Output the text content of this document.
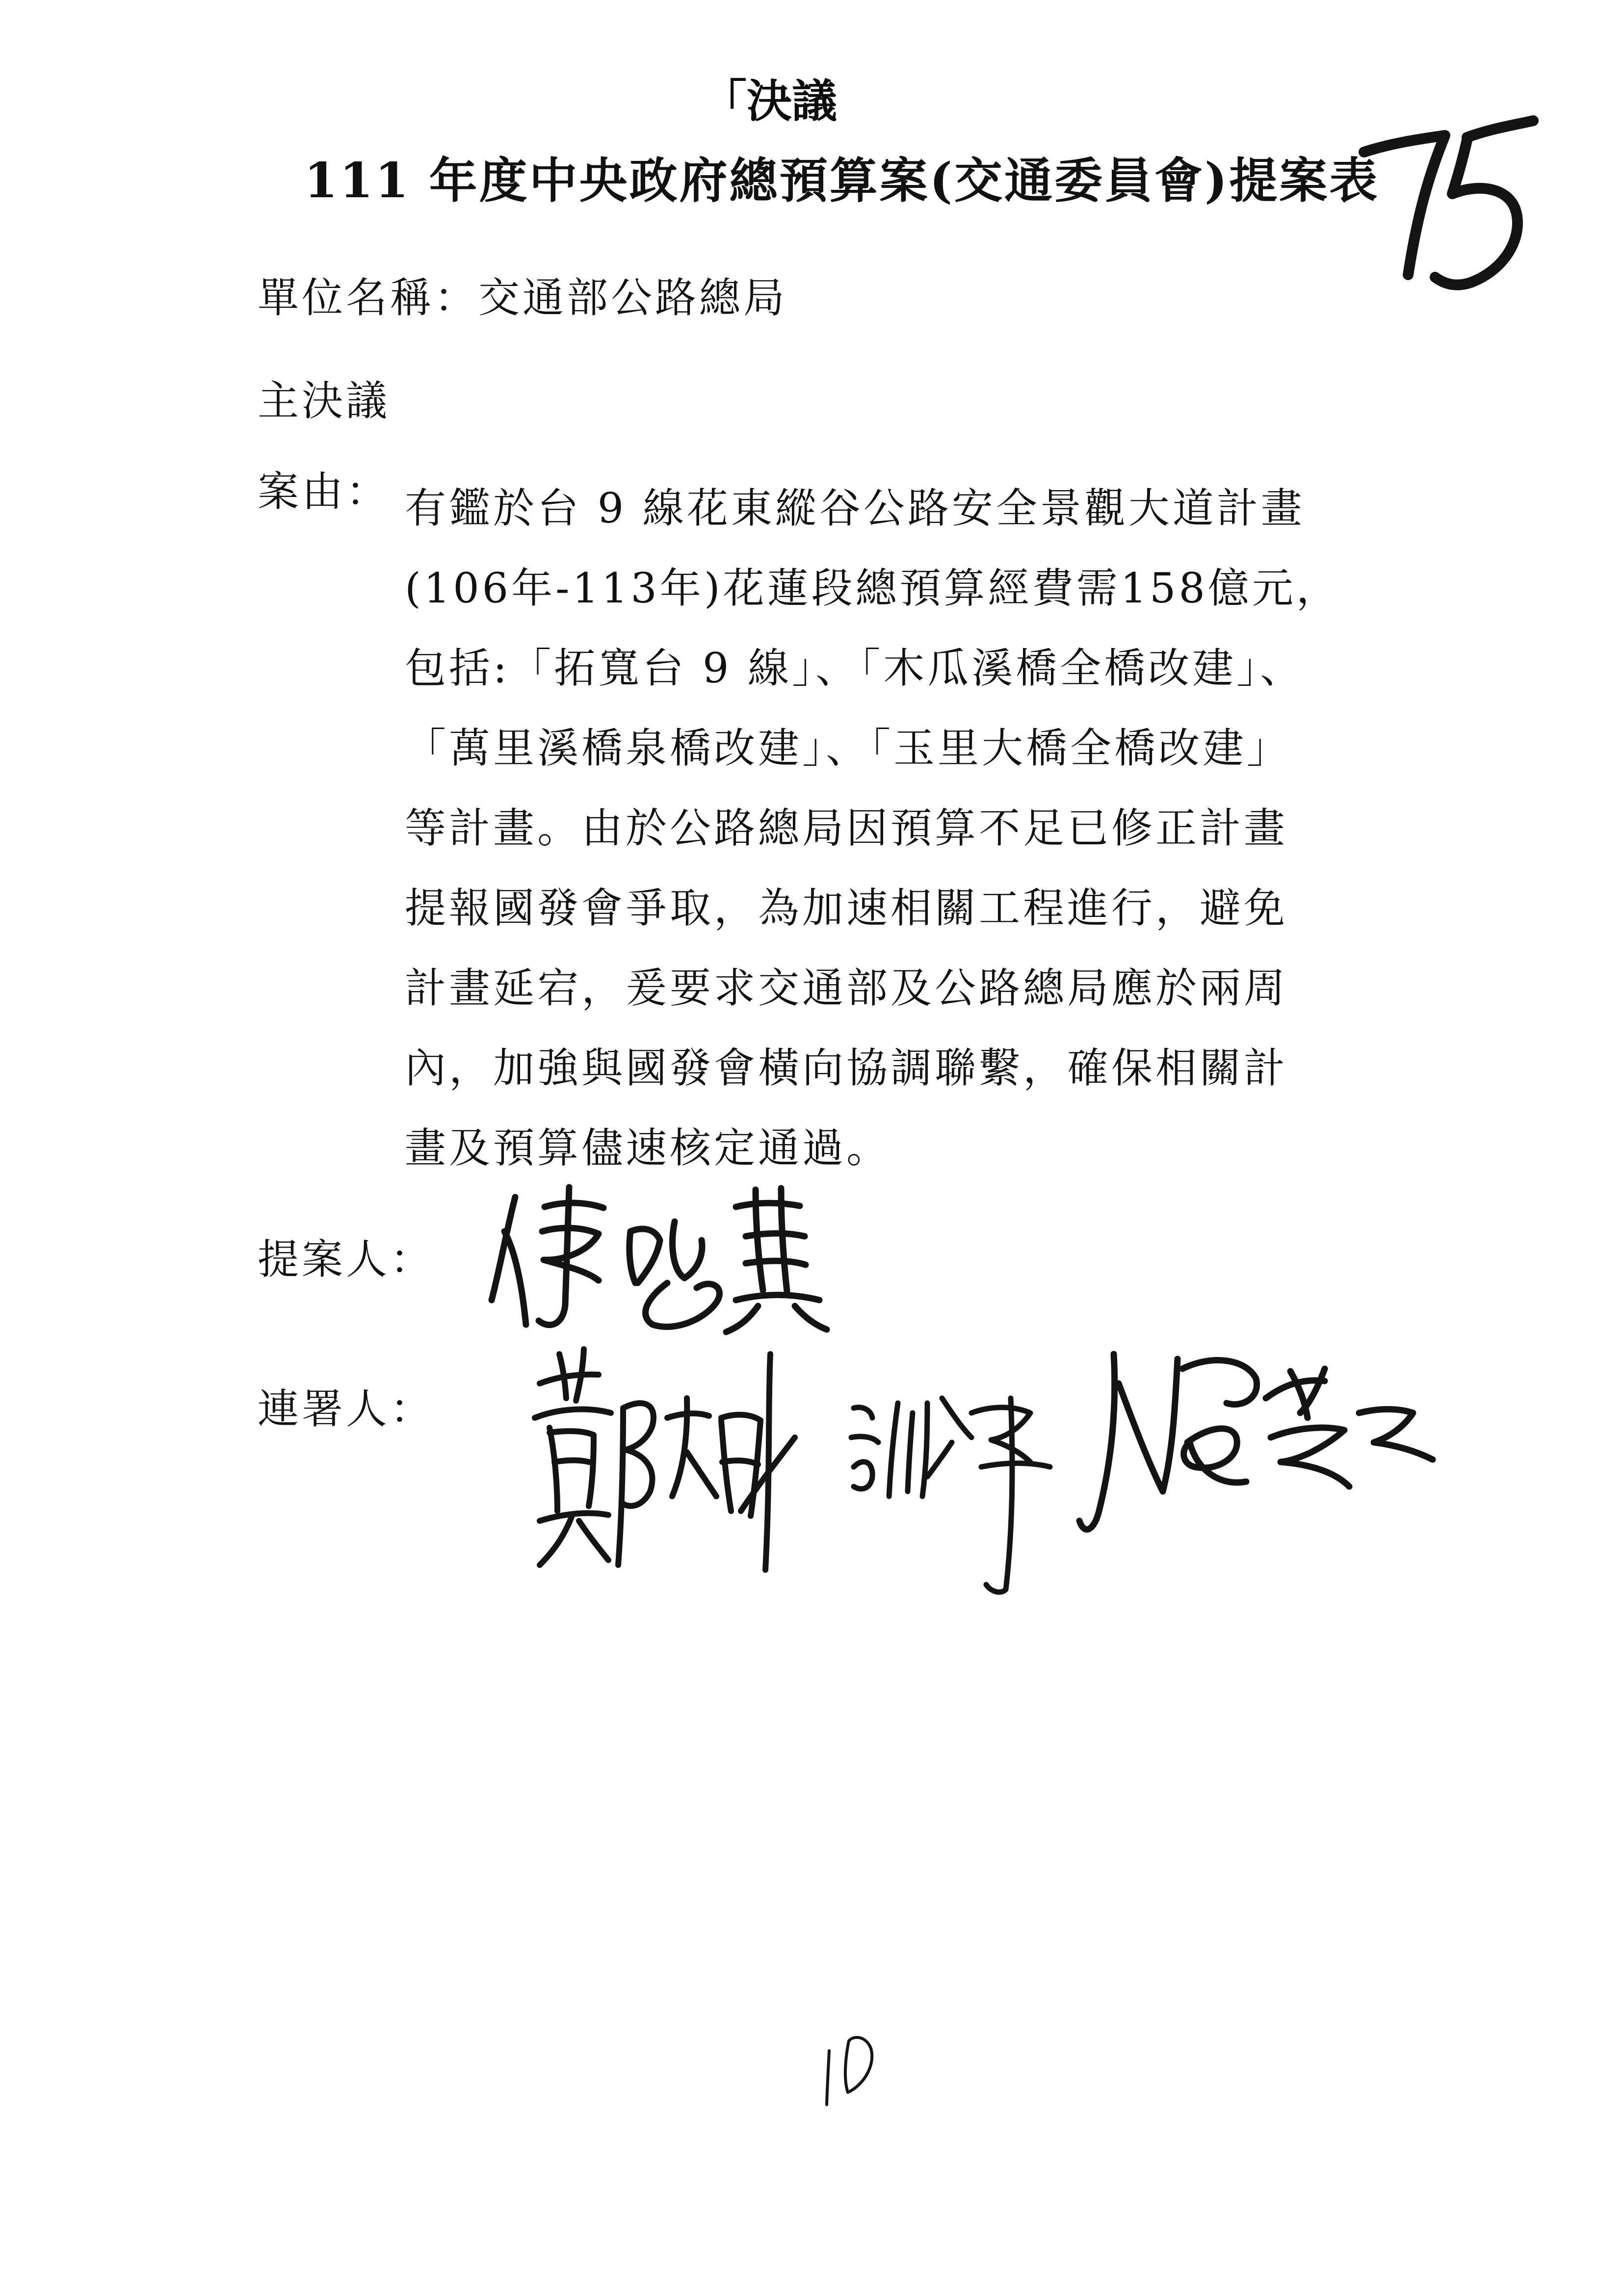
「決議
111 年度中央政府總預算案(交通委員會)提案表
單位名稱：交通部公路總局
主決議
案由： 有鑑於台 9 線花東縱谷公路安全景觀大道計畫

(106年-113年)花蓮段總預算經費需158億元，

包括:「拓寬台 9 線」、「木瓜溪橋全橋改建」、

「萬里溪橋泉橋改建」、「玉里大橋全橋改建」

等計畫。由於公路總局因預算不足已修正計畫

提報國發會爭取，為加速相關工程進行，避免

計畫延宕，爰要求交通部及公路總局應於兩周

內，加強與國發會橫向協調聯繫，確保相關計

畫及預算儘速核定通過。

提案人：
連署人：
